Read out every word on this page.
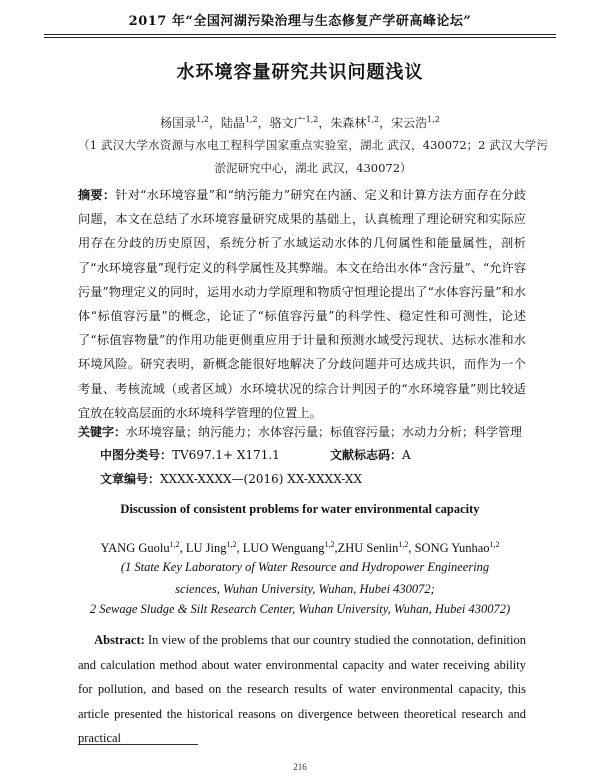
2017 年“全国河湖污染治理与生态修复产学研高峰论坛”
水环境容量研究共识问题浅议
杨国录$^{1,2}$，陆晶$^{1,2}$，骆文广$^{1,2}$，朱森林$^{1,2}$，宋云浩$^{1,2}$
（1 武汉大学水资源与水电工程科学国家重点实验室，湖北 武汉，430072；2 武汉大学污淤泥研究中心，湖北 武汉，430072）
摘要：针对“水环境容量”和“纳污能力”研究在内涵、定义和计算方法方面存在分歧问题，本文在总结了水环境容量研究成果的基础上，认真梳理了理论研究和实际应用存在分歧的历史原因，系统分析了水域运动水体的几何属性和能量属性，剖析了“水环境容量”现行定义的科学属性及其弊端。本文在给出水体“含污量”、“允许容污量”物理定义的同时，运用水动力学原理和物质守恒理论提出了“水体容污量”和水体“标值容污量”的概念，论证了“标值容污量”的科学性、稳定性和可测性，论述了“标值容物量”的作用功能更侧重应用于计量和预测水域受污现状、达标水准和水环境风险。研究表明，新概念能很好地解决了分歧问题并可达成共识，而作为一个考量、考核流域（或者区域）水环境状况的综合计判因子的“水环境容量”则比较适宜放在较高层面的水环境科学管理的位置上。
关键字：水环境容量；纳污能力；水体容污量；标值容污量；水动力分析；科学管理
中图分类号：TV697.1+ X171.1	文献标志码：A
文章编号：XXXX-XXXX—(2016) XX-XXXX-XX
Discussion of consistent problems for water environmental capacity
YANG Guolu$^{1,2}$, LU Jing$^{1,2}$, LUO Wenguang$^{1,2}$,ZHU Senlin$^{1,2}$, SONG Yunhao$^{1,2}$
(1 State Key Laboratory of Water Resource and Hydropower Engineering sciences, Wuhan University, Wuhan, Hubei 430072;
2 Sewage Sludge & Silt Research Center, Wuhan University, Wuhan, Hubei 430072)
Abstract: In view of the problems that our country studied the connotation, definition and calculation method about water environmental capacity and water receiving ability for pollution, and based on the research results of water environmental capacity, this article presented the historical reasons on divergence between theoretical research and practical
216
